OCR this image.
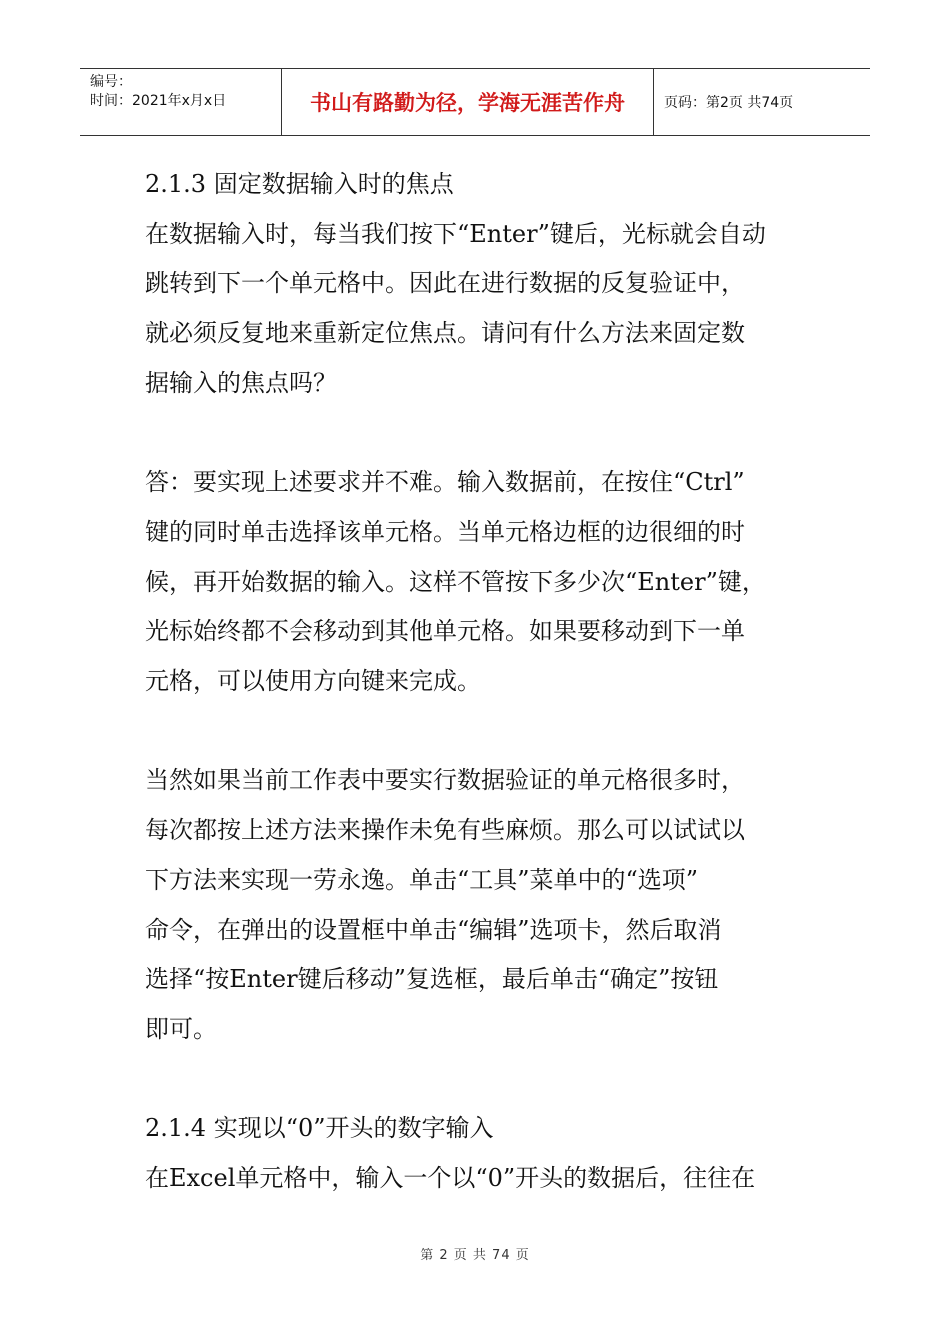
编号：
时间：2021年x月x日	书山有路勤为径，学海无涯苦作舟	页码：第2页 共74页

2.1.3 固定数据输入时的焦点

在数据输入时，每当我们按下“Enter”键后，光标就会自动

跳转到下一个单元格中。因此在进行数据的反复验证中，

就必须反复地来重新定位焦点。请问有什么方法来固定数

据输入的焦点吗？

答：要实现上述要求并不难。输入数据前，在按住“Ctrl”

键的同时单击选择该单元格。当单元格边框的边很细的时

候，再开始数据的输入。这样不管按下多少次“Enter”键，

光标始终都不会移动到其他单元格。如果要移动到下一单

元格，可以使用方向键来完成。

当然如果当前工作表中要实行数据验证的单元格很多时，

每次都按上述方法来操作未免有些麻烦。那么可以试试以

下方法来实现一劳永逸。单击“工具”菜单中的“选项”

命令，在弹出的设置框中单击“编辑”选项卡，然后取消

选择“按Enter键后移动”复选框，最后单击“确定”按钮

即可。

2.1.4 实现以“0”开头的数字输入

在Excel单元格中，输入一个以“0”开头的数据后，往往在

第 2 页 共 74 页
